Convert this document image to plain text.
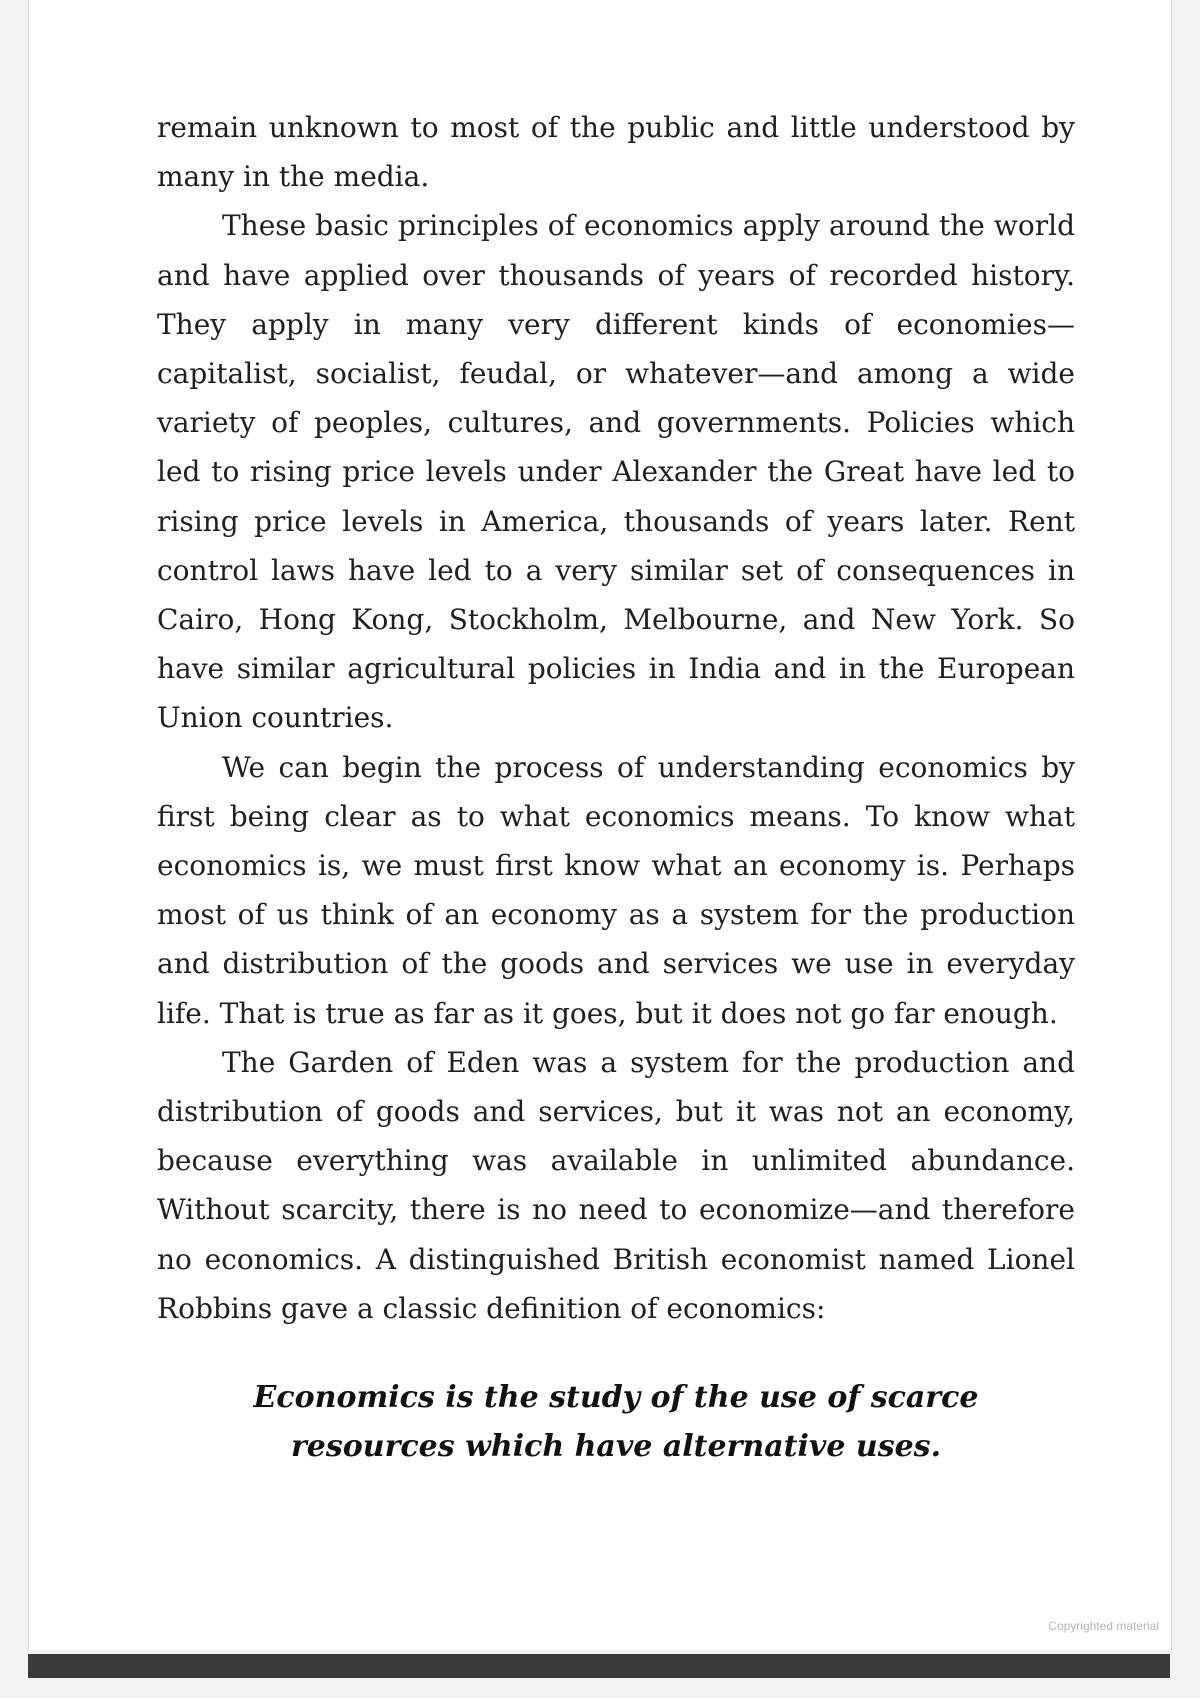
remain unknown to most of the public and little understood by many in the media.

These basic principles of economics apply around the world and have applied over thousands of years of recorded history. They apply in many very different kinds of economies—capitalist, socialist, feudal, or whatever—and among a wide variety of peoples, cultures, and governments. Policies which led to rising price levels under Alexander the Great have led to rising price levels in America, thousands of years later. Rent control laws have led to a very similar set of consequences in Cairo, Hong Kong, Stockholm, Melbourne, and New York. So have similar agricultural policies in India and in the European Union countries.

We can begin the process of understanding economics by first being clear as to what economics means. To know what economics is, we must first know what an economy is. Perhaps most of us think of an economy as a system for the production and distribution of the goods and services we use in everyday life. That is true as far as it goes, but it does not go far enough.

The Garden of Eden was a system for the production and distribution of goods and services, but it was not an economy, because everything was available in unlimited abundance. Without scarcity, there is no need to economize—and therefore no economics. A distinguished British economist named Lionel Robbins gave a classic definition of economics:

Economics is the study of the use of scarce
resources which have alternative uses.
Copyrighted material
